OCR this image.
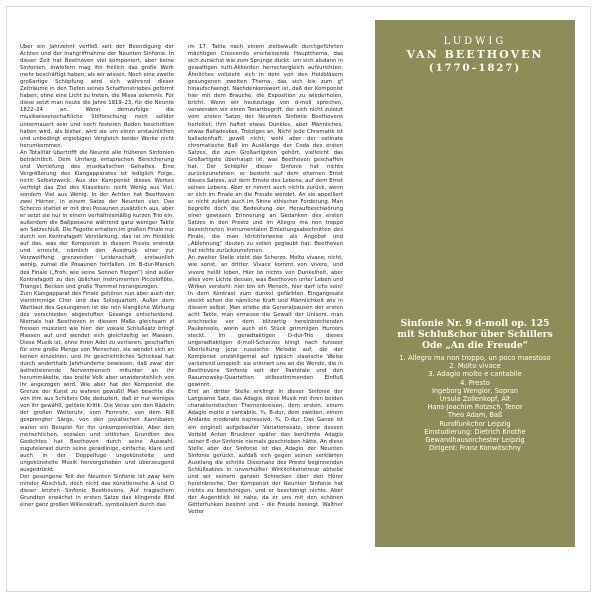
Über ein Jahrzehnt verfloß seit der Beendigung der Achten und der Inangriffnahme der Neunten Sinfonie. In dieser Zeit hat Beethoven viel komponiert, aber keine Sinfonien. Inwiefern mag ihn freilich das große Werk mehr beschäftigt haben, als wir wissen. Noch eine zweite großartige Schöpfung wird sich während dieser Zeiträume in den Tiefen seines Schaffenstriebes geformt haben; ohne eine Licht zu treten, die Missa solemnis. Für diese setzt man heute die Jahre 1819–23, für die Neunte 1822–24 an. Wenn demzufolge die musikwissenschaftliche Stilforschung noch solider untermauert sein und noch festeren Boden beschritten haben wird, als bisher, wird sie um einen erstaunlichen und unbedingt ergiebigen Vergleich beider Werke nicht herumkommen.

An Totalität übertrifft die Neunte alle früheren Sinfonien beträchtlich. Dem Umfang entsprechen Bereicherung und Vertiefung des musikalischen Gehaltes. Eine Vergrößerung des Klangapparates ist lediglich Folge, nicht Selbstzweck. Aus der Komponist dieses Werkes verfolgt das Ziel des Klassikers: nicht Wenig aus Viel, sondern Viel aus Wenig. In der Achten hat Beethoven zwei Hörner, in einem Satze der Neunten vier. Das Scherzo stattet er mit drei Posaunen zusätzlich aus, aber er setzt sie nur in einem verhältnismäßig kurzen Trio ein, außerdem die Baßposaune während ganz weniger Takte am Satzschluß. Die Fagotte erhalten im großen Finale nur durch ein Kontrafagott Verstärkung, das ist im Hinblick auf das, was der Komponist in diesem Presto erstrebt und erreicht, nämlich den Ausdruck einer zur Verzweiflung grenzenden Leidenschaft, erstaunlich wenig, zumal die Posaunen fortfallen. Im B-dur-Marsch des Finale („Froh, wie seine Sonnen fliegen“) sind außer Kontrafagott zu den üblichen Instrumenten Piccoloflöte, Triangel, Becken und große Trommel herangezogen.

Zum Klangapparat des Finale gehören nun aber auch der vierstimmige Chor und das Soloquartett. Außer dem Wortlaut des Gesungenen ist die rein klangliche Wirkung des verschieden abgestuften Gesangs entscheidend. Niemals hat Beethoven in diesem Maße gleichsam zl fressen musiziert wie hier: der vokale Schlußsatz bringt Massen auf und wendet sich gleichzeitig an Massen. Diese Musik ist, ohne ihren Adel zu verlieren, geschaffen für eine große Menge von Menschen, sie wendet sich an keinen einzelnen, und ihr geschichtliches Schicksal hat durch anderthalb Jahrhunderte bewiesen, daß zwar der ästhetisierende Nervenmensch mitunter an ihr herummäkelte, das breite Volk aber unwiderstehlich von ihr angezogen wird. Wie aber hat der Komponist die Grenze der Kunst zu wahren gewußt! Man beachte die von ihm aus Schillers Ode deduziert, daß er nur weniges von ihr gewählt, gelöste Kritik. Die Verse von den Rädern der großen Welteruhr, vom Fernrohr, von dem Riß gesprengter Särge, von den jovialischen Kannibalen waren ein Beispiel für ihn unkomponierbar. Aber den menschlichen, sozialen und sittlichen Grundton des Gedichtes hat Beethoven durch seine Auswahl, zugutelerast durch seine geradlinige, einfache, klare und auch in der Doppelfuge ungekünstelte und ungekünstelte Musik hervorgehoben und überzeugend ausgedrückt.

Der gesungene Teil der Neunten Sinfonie ist zwar kein minder Abschluß, doch nicht das künstlerische A und O dieser letzten Sinfonie Beethovens. Auf tragischem Grundton erwächst in ersten Satze das klingende Bild einer ganz großen Willenskraft, symbolisiert durch das

im 17. Takte nach einem zielbewußt durchgeführten mächtigen Crescendo erscheinende Hauptthema, das sich zunächst wie zum Sprunge duckt, um sich alsdann in gewaltigen tutti-Akkorden herrschergleich aufzurichten. Ähnliches vollzieht sich in dem von den Holzbläsern gesungenen zweiten Thema, das sich bis zum g³ hinaufschwingt. Nachdenkenswert ist, daß der Komponist hier mit dem Brauche, die Exposition zu wiederholen, bricht. Wenn wir heutzutage von d-moll sprechen, verwenden wir einen Tonartbegriff, der sich nicht zuletzt vom ersten Satze der Neunten Sinfonie Beethovens herleitet; ihm haftet etwas Dunkles, aber Männliches, etwas Balladeskes, Trotziges an. Nicht jede Chromatik ist balladenhaft, gewiß nicht; wohl aber der ostinate chromatische Baß im Ausklange der Coda des ersten Satzes, die zum Großartigsten gehört, vielleicht das Großartigste überhaupt ist, was Beethoven geschaffen hat. Der Schöpfer dieser Sinfonie hat nichts zurückzunehmen: er besteht auf dem ehernen Ernst dieses Satzes, auf dem Ernste des Lebens, auf dem Ernst seines Lebens. Aber er nimmt auch nichts zurück, wenn er sich im Finale an die Freude wendet. An sie appelliert er nicht zuletzt auch im Sinne ethischer Forderung. Man begreife doch die Bedeutung der Heraufbeschwörung einer gewissen Erinnerung an Gedanken des ersten Satzes in den Presto und im Allegro ma non troppo bezeichneten instrumentalen Einleitungsabschnitten des Finale, die man törichterweise als Angebot und „Ablehnung“ deuten zu sollen geglaubt hat: Beethoven hat nichts zurückzunehmen.

An zweiter Stelle steht das Scherzo, Molto vivace; nicht, wie sonst, an dritter. Vivace kommt von vivere, und vivere heißt leben. Hier ist nichts von Dunkelheit, aber alles vom Lichte dessen, was Beethoven unter Leben und Wirken verstehl: hier bin ich Mensch, hier darf ichs sein! In dem Kontrast zum dunkel gefärbten Eingangssatz steckt schon die nämliche Kraft und Männlichkeit wie in diesem selbst. Man erlebe die Generalpausen der ersten acht Takte, man ermesse die Gewalt der Unisoni, man erschrecke vor dem blitzartig hereinbrechenden Paukensolo, worin auch ein Stück grimmigen Humors steckt. Im geradtaktigen D-dur-Trio dieses ungeradtaktigen d-moll-Scherzos klingt nach fursieer Überleitung jene russische Melodie auf, die der Komponist unzähligemal auf typisch slawische Weise variierend umspielt: sie erinnert uns an die Wende, die in Beethovens Sinfonie seit der Pastorale und den Rasumowsky-Quartetten stilbestimmenden Einfluß gewinnt.

Erst an dritter Stelle erklingt in dieser Sinfonie der Langsame Satz, das Adagio, diese Musik mit ihren beiden charakteristischen Themenkreisen, dem ersten, einem Adagio molto e cantabile, ⁴⁄₄, B-dur, dem zweiten, einem Andante moderato espressivo, ³⁄₄, D-dur. Das Ganze ist ein originell aufgebauter Variationssatz, ohne dessen Vorbild Anton Bruckner später das berühmte Adagio seiner E-dur-Sinfonie niemals geschrieben hätte. An diese Stelle aber der Sinfonie ist das Adagio der Neunten Sinfonie gerückt, aufdaß sich gegen seinen verklärten Ausklang die schrille Dissonanz des Presto beginnenden Schlußsatzes in unverhüllter Wirklichkeitstreue abhebe und wir seinem ganzen Schrecken über den Hörer hereinbreche. Der Komponist der Neunten Sinfonie hat nichts zu beschönigen, und er beschönigt nichts. Aber der Augenblick ist nahe, da er uns mit den schönen Götterfunken besinnt und – die Freude besingt. Walther Vetter

LUDWIG
VAN BEETHOVEN
(1770–1827)
Sinfonie Nr. 9 d-moll op. 125
mit Schlußchor über Schillers
Ode „An die Freude“
1. Allegro ma non troppo, un poco maestoso
2. Molto vivace
3. Adagio molto e cantabile
4. Presto
Ingeborg Wenglor, Sopran
Ursula Zollenkopf, Alt
Hans-Joachim Rotzsch, Tenor
Theo Adam, Baß
Rundfunkchor Leipzig
Einstudierung: Dietrich Knothe
Gewandhausorchester Leipzig
Dirigent: Franz Konwitschny
